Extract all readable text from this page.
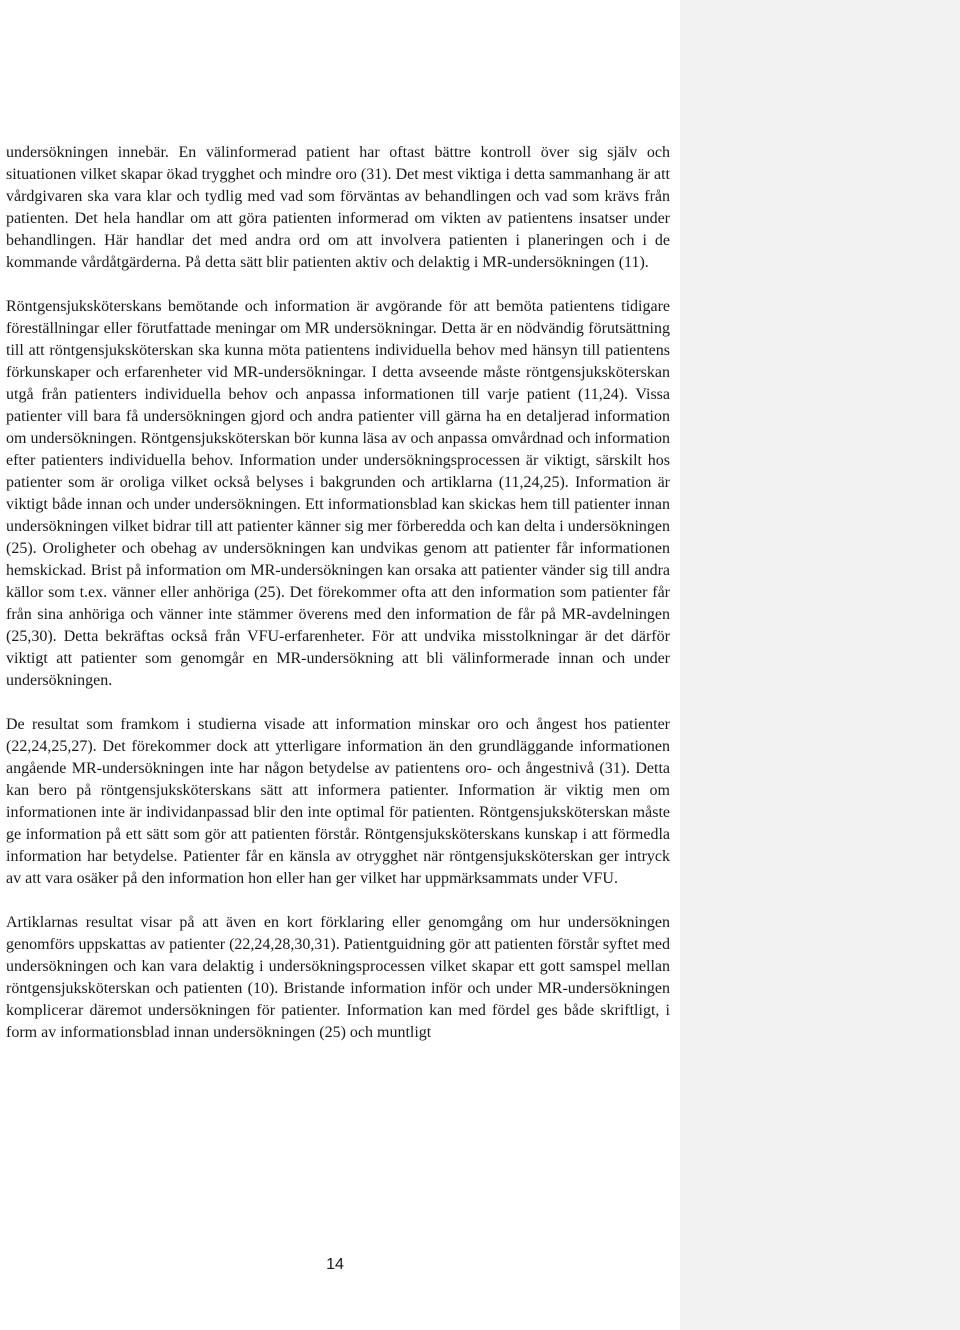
undersökningen innebär. En välinformerad patient har oftast bättre kontroll över sig själv och situationen vilket skapar ökad trygghet och mindre oro (31). Det mest viktiga i detta sammanhang är att vårdgivaren ska vara klar och tydlig med vad som förväntas av behandlingen och vad som krävs från patienten. Det hela handlar om att göra patienten informerad om vikten av patientens insatser under behandlingen. Här handlar det med andra ord om att involvera patienten i planeringen och i de kommande vårdåtgärderna. På detta sätt blir patienten aktiv och delaktig i MR-undersökningen (11).

Röntgensjuksköterskans bemötande och information är avgörande för att bemöta patientens tidigare föreställningar eller förutfattade meningar om MR undersökningar. Detta är en nödvändig förutsättning till att röntgensjuksköterskan ska kunna möta patientens individuella behov med hänsyn till patientens förkunskaper och erfarenheter vid MR-undersökningar. I detta avseende måste röntgensjuksköterskan utgå från patienters individuella behov och anpassa informationen till varje patient (11,24). Vissa patienter vill bara få undersökningen gjord och andra patienter vill gärna ha en detaljerad information om undersökningen. Röntgensjuksköterskan bör kunna läsa av och anpassa omvårdnad och information efter patienters individuella behov. Information under undersökningsprocessen är viktigt, särskilt hos patienter som är oroliga vilket också belyses i bakgrunden och artiklarna (11,24,25). Information är viktigt både innan och under undersökningen. Ett informationsblad kan skickas hem till patienter innan undersökningen vilket bidrar till att patienter känner sig mer förberedda och kan delta i undersökningen (25). Oroligheter och obehag av undersökningen kan undvikas genom att patienter får informationen hemskickad. Brist på information om MR-undersökningen kan orsaka att patienter vänder sig till andra källor som t.ex. vänner eller anhöriga (25). Det förekommer ofta att den information som patienter får från sina anhöriga och vänner inte stämmer överens med den information de får på MR-avdelningen (25,30). Detta bekräftas också från VFU-erfarenheter. För att undvika misstolkningar är det därför viktigt att patienter som genomgår en MR-undersökning att bli välinformerade innan och under undersökningen.

De resultat som framkom i studierna visade att information minskar oro och ångest hos patienter (22,24,25,27). Det förekommer dock att ytterligare information än den grundläggande informationen angående MR-undersökningen inte har någon betydelse av patientens oro- och ångestnivå (31). Detta kan bero på röntgensjuksköterskans sätt att informera patienter. Information är viktig men om informationen inte är individanpassad blir den inte optimal för patienten. Röntgensjuksköterskan måste ge information på ett sätt som gör att patienten förstår. Röntgensjuksköterskans kunskap i att förmedla information har betydelse. Patienter får en känsla av otrygghet när röntgensjuksköterskan ger intryck av att vara osäker på den information hon eller han ger vilket har uppmärksammats under VFU.

Artiklarnas resultat visar på att även en kort förklaring eller genomgång om hur undersökningen genomförs uppskattas av patienter (22,24,28,30,31). Patientguidning gör att patienten förstår syftet med undersökningen och kan vara delaktig i undersökningsprocessen vilket skapar ett gott samspel mellan röntgensjuksköterskan och patienten (10). Bristande information inför och under MR-undersökningen komplicerar däremot undersökningen för patienter. Information kan med fördel ges både skriftligt, i form av informationsblad innan undersökningen (25) och muntligt

14
